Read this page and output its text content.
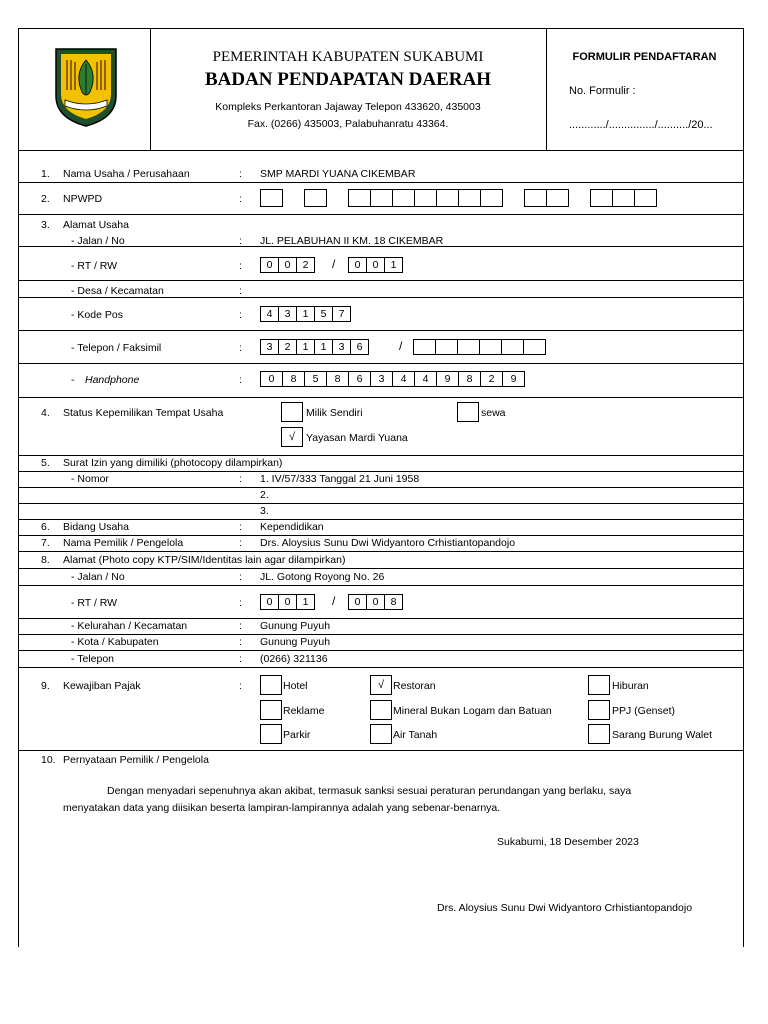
PEMERINTAH KABUPATEN SUKABUMI
BADAN PENDAPATAN DAERAH
Kompleks Perkantoran Jajaway Telepon 433620, 435003
Fax. (0266) 435003, Palabuhanratu 43364.
FORMULIR PENDAFTARAN
No. Formulir :
............/.............../........../20...
1. Nama Usaha / Perusahaan	: SMP MARDI YUANA CIKEMBAR
2. NPWPD	:
3. Alamat Usaha
- Jalan / No	: JL. PELABUHAN II KM. 18 CIKEMBAR
- RT / RW	:	0	0	2	/	0	0	1
- Desa / Kecamatan	:
- Kode Pos	:	4	3	1	5	7
- Telepon / Faksimil	:	3	2	1	1	3	6	/
- Handphone	:	0	8	5	8	6	3	4	4	9	8	2	9
4. Status Kepemilikan Tempat Usaha	Milik Sendiri	sewa
√	Yayasan Mardi Yuana
5. Surat Izin yang dimiliki (photocopy dilampirkan)
- Nomor	: 1. IV/57/333 Tanggal 21 Juni 1958
2.
3.
6. Bidang Usaha	: Kependidikan
7. Nama Pemilik / Pengelola	: Drs. Aloysius Sunu Dwi Widyantoro Crhistiantopandojo
8. Alamat (Photo copy KTP/SIM/Identitas lain agar dilampirkan)
- Jalan / No	: JL. Gotong Royong No. 26
- RT / RW	:	0	0	1	/	0	0	8
- Kelurahan / Kecamatan	: Gunung Puyuh
- Kota / Kabupaten	: Gunung Puyuh
- Telepon	: (0266) 321136
9. Kewajiban Pajak	:	Hotel	√ Restoran	Hiburan
Reklame	Mineral Bukan Logam dan Batuan	PPJ (Genset)
Parkir	Air Tanah	Sarang Burung Walet
10. Pernyataan Pemilik / Pengelola
Dengan menyadari sepenuhnya akan akibat, termasuk sanksi sesuai peraturan perundangan yang berlaku, saya
menyatakan data yang diisikan beserta lampiran-lampirannya adalah yang sebenar-benarnya.
Sukabumi, 18 Desember 2023
Drs. Aloysius Sunu Dwi Widyantoro Crhistiantopandojo
